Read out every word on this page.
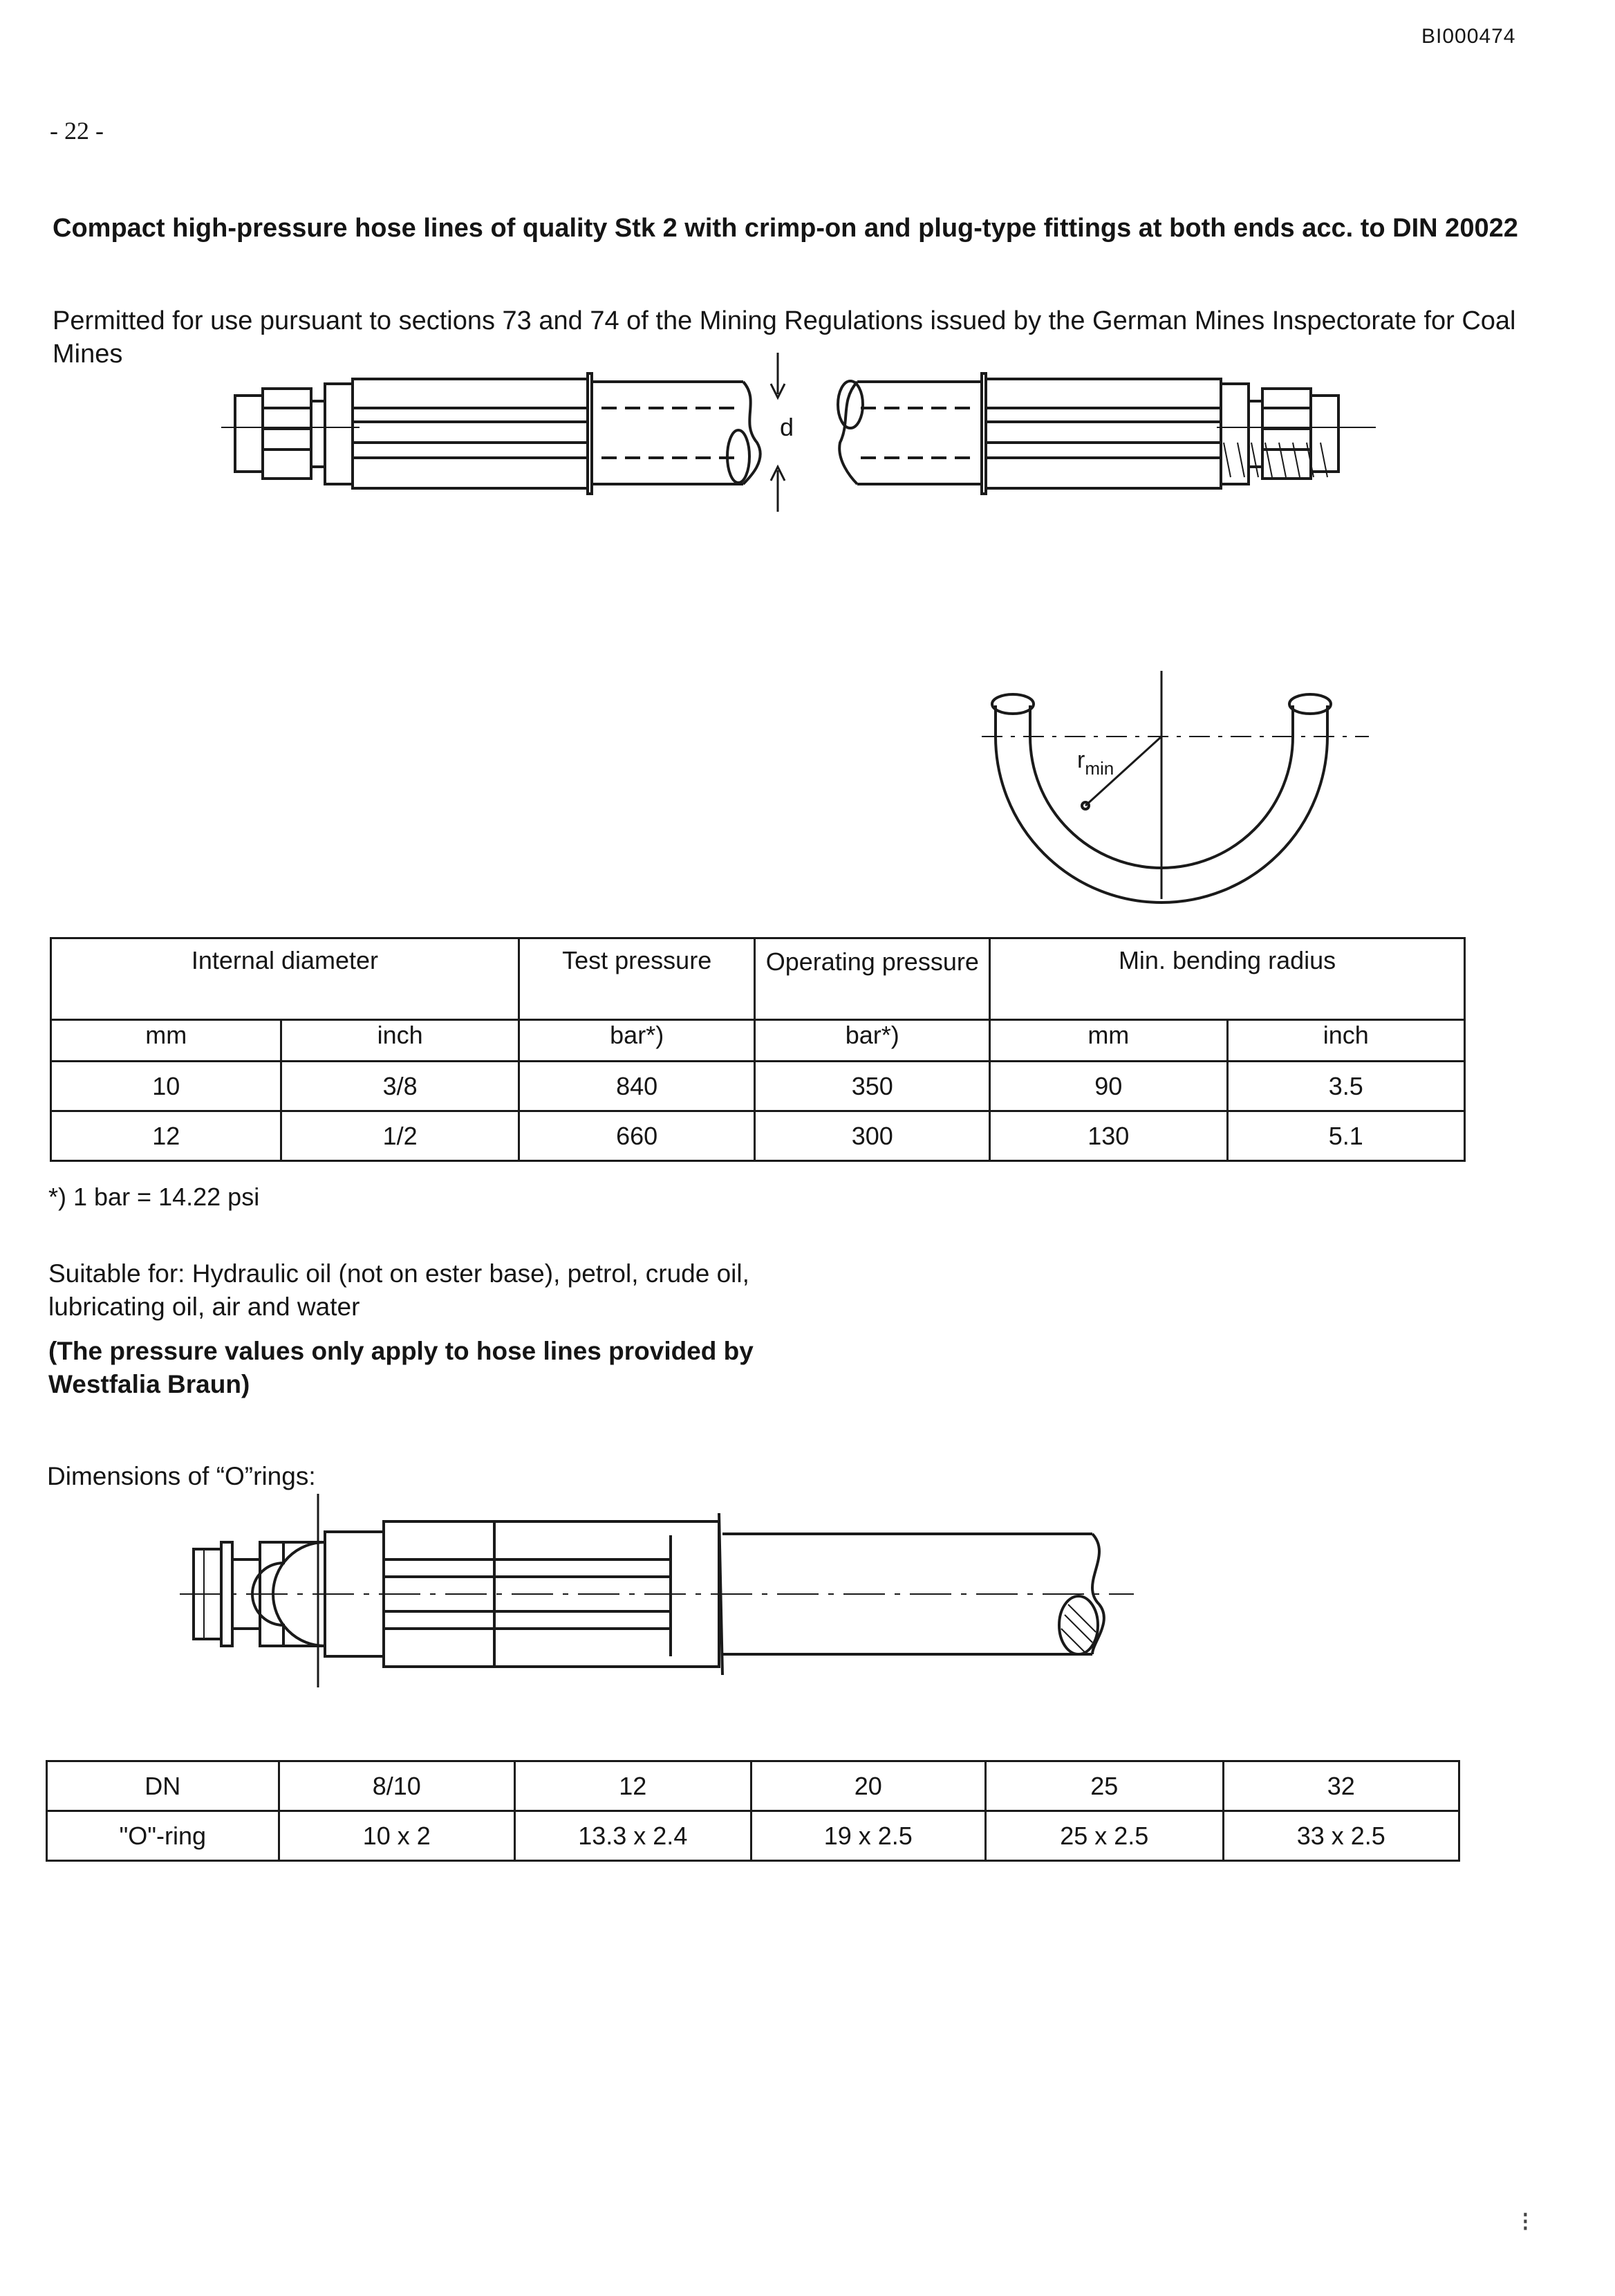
BI000474
- 22 -
Compact high-pressure hose lines of quality Stk 2 with crimp-on and plug-type fittings at both ends acc. to DIN 20022
Permitted for use pursuant to sections 73 and 74 of the Mining Regulations issued by the German Mines Inspectorate for Coal Mines
d
$r_{min}$
Internal diameter		Test pressure	Operating pressure	Min. bending radius	
mm	inch	bar*)	bar*)	mm	inch
10	3/8	840	350	90	3.5
12	1/2	660	300	130	5.1
*) 1 bar = 14.22 psi
Suitable for: Hydraulic oil (not on ester base), petrol, crude oil, lubricating oil, air and water
(The pressure values only apply to hose lines provided by Westfalia Braun)
Dimensions of “O”rings:
DN	8/10	12	20	25	32
"O"-ring	10 x 2	13.3 x 2.4	19 x 2.5	25 x 2.5	33 x 2.5
⁝
